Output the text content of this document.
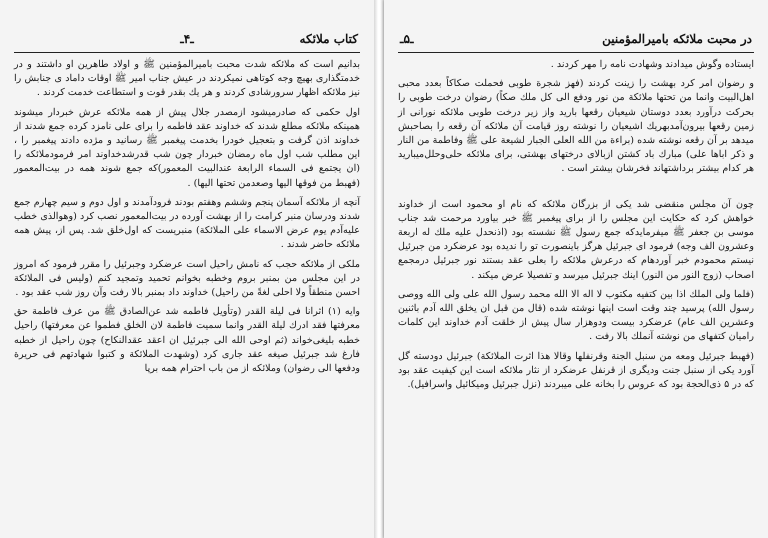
کتاب ملائکه
ـ۴ـ

بدانیم است که ملائکه شدت محبت بامیرالمؤمنین ﷺ و اولاد طاهرین او داشتند و در خدمتگذاری بهیچ وجه کوتاهی نمیکردند در عیش جناب امیر ﷺ اوقات داماد ی جنابش را نیز ملائکه اظهار سرورشادی کردند و هر یك بقدر قوت و استطاعت خدمت کردند .

اول حکمی که صادرمیشود ازمصدر جلال پیش از همه ملائکه عرش خبردار میشوند همینکه ملائکه مطلع شدند که خداوند عقد فاطمه را برای علی نامزد کرده جمع شدند از خداوند اذن گرفت و بتعجیل خودرا بخدمت پیغمبر ﷺ رسانید و مژده دادند پیغمبر را ، این مطلب شب اول ماه رمضان خبردار چون شب قدرشدخداوند امر فرمودملائکه را (ان یجتمع فی السماء الرابعة عندالبیت المعمور)که جمع شوند همه در بیت‌المعمور (فهبط من فوقها الیها وصعدمن تحتها الیها) .

آنچه از ملائکه آسمان پنجم وششم وهفتم بودند فرودآمدند و اول دوم و سیم چهارم جمع شدند ودرسان منبر کرامت را از بهشت آورده در بیت‌المعمور نصب کرد (وهوالذی خطب علیه‌آدم یوم عرض الاسماء علی الملائکة) منبریست که اول‌خلق شد. پس از، پیش همه ملائکه حاضر شدند .

ملکی از ملائکه حجب که نامش راحیل است عرضکرد وجبرئیل را مقرر فرمود که امروز در این مجلس من بمنبر بروم وخطبه بخوانم تحمید وتمجید کنم (ولیس فی الملائکة احسن منطقاً ولا احلی لغةً من راحیل) خداوند داد بمنبر بالا رفت وآن روز شب عقد بود .

وایه (۱) اثرانا فی لیلة القدر (وتأویل فاطمه شد عن‌الصادق ﷺ من عرف فاطمة حق معرفتها فقد ادرك لیلة القدر وانما سمیت فاطمة لان الخلق فطموا عن معرفتها) راحیل خطبه بلیغی‌خواند (ثم اوحی الله الی جبرئیل ان اعقد عقدالنکاح) چون راحیل از خطبه فارغ شد جبرئیل صیغه عقد جاری کرد (وشهدت الملائکة و کتبوا شهادتهم فی حریرة ودفعها الی رضوان) وملائکه از من باب احترام همه برپا

در محبت ملائکه بامیرالمؤمنین
ـ۵ـ

ایستاده وگوش میدادند وشهادت نامه را مهر کردند .

و رضوان امر کرد بهشت را زینت کردند (فهز شجرة طوبی فحملت صکاکاً بعدد محبی اهل‌البیت وانما من تحتها ملائکة من نور ودفع الی کل ملك صکاً) رضوان درخت طوبی را بحرکت درآورد بعدد دوستان شیعیان رقعها بارید واز زیر درخت طوبی ملائکه نورانی از زمین رقعها بیرون‌آمدبهریك اشیعیان را نوشته روز قیامت آن ملائکه آن رقعه را بصاحبش میدهد بر آن رقعه نوشته شده (براءة من الله العلی الجبار لشیعة علی ﷺ وفاطمة من النار و ذکر اباها علی) مبارك باد کشتن ازبالای درختهای بهشتی، برای ملائکه حلی‌وحلل‌میبارید هر کدام بیشتر برداشتهاند فخرشان بیشتر است .

چون آن مجلس منقضی شد یکی از بزرگان ملائکه که نام او محمود است از خداوند خواهش کرد که حکایت این مجلس را از برای پیغمبر ﷺ خبر بیاورد مرحمت شد جناب موسی بن جعفر ﷺ میفرمایدکه جمع رسول ﷺ نشسته بود (اذنحدل علیه ملك له اربعة وعشرون الف وجه) فرمود ای جبرئیل هرگز باینصورت تو را ندیده بود عرضکرد من جبرئیل نیستم محمودم خبر آوردهام که درعرش ملائکه را بعلی عقد بستند نور جبرئیل درمجمع اصحاب (زوج النور من النور) اینك جبرئیل میرسد و تفصیلا عرض میکند .

(فلما ولی الملك اذا بین کتفیه مکتوب لا اله الا الله محمد رسول الله علی ولی الله ووصی رسول الله) پرسید چند وقت است اینها نوشته شده (قال من قبل ان یخلق الله آدم باثنین وعشرین الف عام) عرضکرد بیست ودوهزار سال پیش از خلقت آدم خداوند این کلمات رامیان کتفهای من نوشته آنملك بالا رفت .

(فهبط جبرئیل ومعه من سنبل الجنة وقرنفلها وقالا هذا اثرت الملائکة) جبرئیل دودسته گل آورد یکی از سنبل جنت ودیگری از قرنفل عرضکرد از نثار ملائکه است این کیفیت عقد بود که در ۵ ذی‌الحجة بود که عروس را بخانه علی میبردند (نزل جبرئیل ومیکائیل واسرافیل).
